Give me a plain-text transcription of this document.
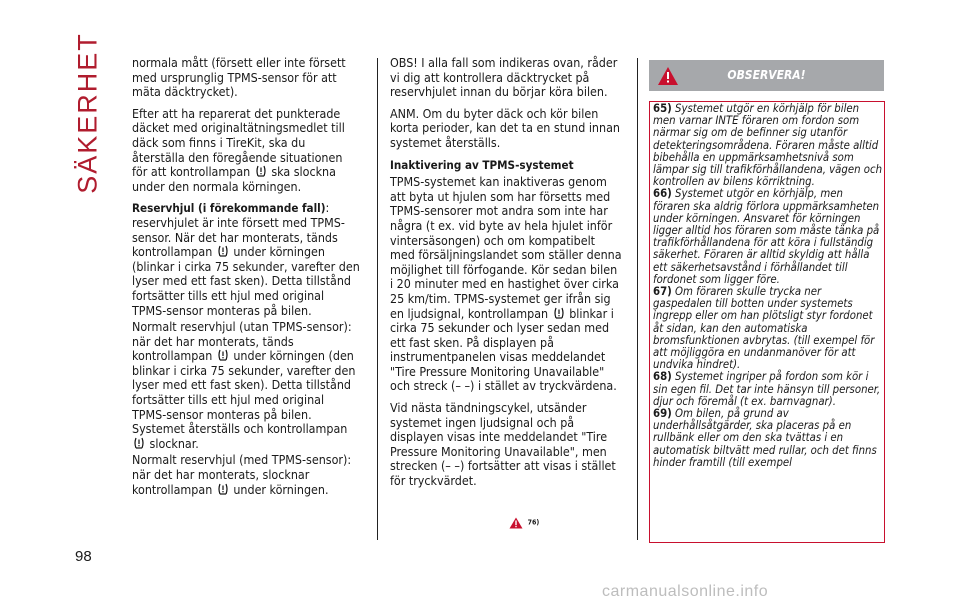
SÄKERHET normala mått (försett eller inte försett med ursprunglig TPMS-sensor för att mäta däcktrycket).

Efter att ha reparerat det punkterade däcket med originaltätningsmedlet till däck som finns i TireKit, ska du återställa den föregående situationen för att kontrollampan ska slockna under den normala körningen.

Reservhjul (i förekommande fall): reservhjulet är inte försett med TPMS-sensor. När det har monterats, tänds kontrollampan under körningen (blinkar i cirka 75 sekunder, varefter den lyser med ett fast sken). Detta tillstånd fortsätter tills ett hjul med original TPMS-sensor monteras på bilen.

Normalt reservhjul (utan TPMS-sensor): när det har monterats, tänds kontrollampan under körningen (den blinkar i cirka 75 sekunder, varefter den lyser med ett fast sken). Detta tillstånd fortsätter tills ett hjul med original TPMS-sensor monteras på bilen. Systemet återställs och kontrollampan  slocknar.

Normalt reservhjul (med TPMS-sensor): när det har monterats, slocknar kontrollampan under körningen.

OBS! I alla fall som indikeras ovan, råder vi dig att kontrollera däcktrycket på reservhjulet innan du börjar köra bilen.

ANM. Om du byter däck och kör bilen korta perioder, kan det ta en stund innan systemet återställs.

Inaktivering av TPMS-systemet

TPMS-systemet kan inaktiveras genom att byta ut hjulen som har försetts med TPMS-sensorer mot andra som inte har några (t ex. vid byte av hela hjulet inför vintersäsongen) och om kompatibelt med försäljningslandet som ställer denna möjlighet till förfogande. Kör sedan bilen i 20 minuter med en hastighet över cirka 25 km/tim. TPMS-systemet ger ifrån sig en ljudsignal, kontrollampan blinkar i cirka 75 sekunder och lyser sedan med ett fast sken. På displayen på instrumentpanelen visas meddelandet "Tire Pressure Monitoring Unavailable" och streck (– –) i stället av tryckvärdena.

Vid nästa tändningscykel, utsänder systemet ingen ljudsignal och på displayen visas inte meddelandet "Tire Pressure Monitoring Unavailable", men strecken (– –) fortsätter att visas i stället för tryckvärdet.

76)
OBSERVERA!

65) Systemet utgör en körhjälp för bilen men varnar INTE föraren om fordon som närmar sig om de befinner sig utanför detekteringsområdena. Föraren måste alltid bibehålla en uppmärksamhetsnivå som lämpar sig till trafikförhållandena, vägen och kontrollen av bilens körriktning.

66) Systemet utgör en körhjälp, men föraren ska aldrig förlora uppmärksamheten under körningen. Ansvaret för körningen ligger alltid hos föraren som måste tänka på trafikförhållandena för att köra i fullständig säkerhet. Föraren är alltid skyldig att hålla ett säkerhetsavstånd i förhållandet till fordonet som ligger före.

67) Om föraren skulle trycka ner gaspedalen till botten under systemets ingrepp eller om han plötsligt styr fordonet åt sidan, kan den automatiska bromsfunktionen avbrytas. (till exempel för att möjliggöra en undanmanöver för att undvika hindret).

68) Systemet ingriper på fordon som kör i sin egen fil. Det tar inte hänsyn till personer, djur och föremål (t ex. barnvagnar).

69) Om bilen, på grund av underhållsåtgärder, ska placeras på en rullbänk eller om den ska tvättas i en automatisk biltvätt med rullar, och det finns hinder framtill (till exempel

98
carmanualsonline.info
